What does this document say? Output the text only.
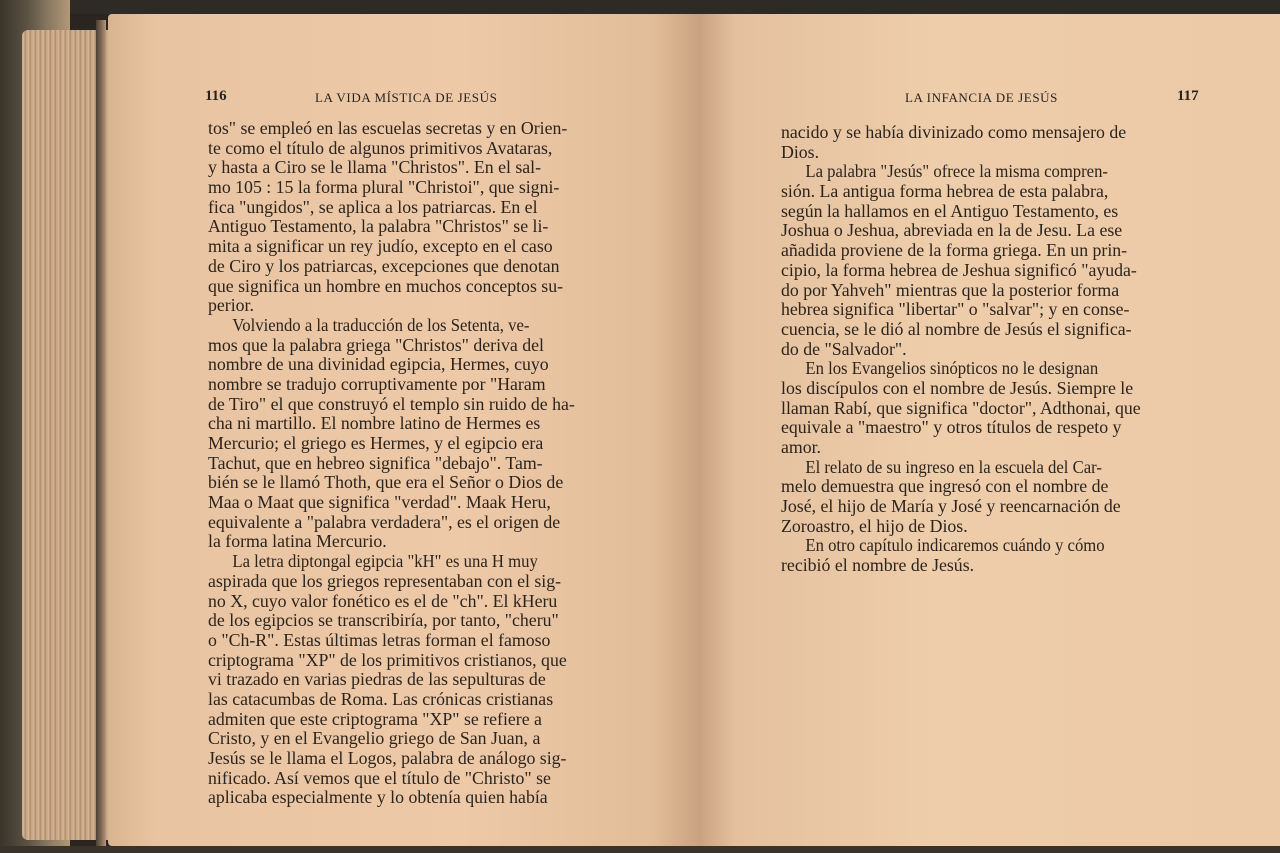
116	LA VIDA MÍSTICA DE JESÚS	LA INFANCIA DE JESÚS	117
tos" se empleó en las escuelas secretas y en Orien-
te como el título de algunos primitivos Avataras,
y hasta a Ciro se le llama "Christos". En el sal-
mo 105 : 15 la forma plural "Christoi", que signi-
fica "ungidos", se aplica a los patriarcas. En el
Antiguo Testamento, la palabra "Christos" se li-
mita a significar un rey judío, excepto en el caso
de Ciro y los patriarcas, excepciones que denotan
que significa un hombre en muchos conceptos su-
perior.
Volviendo a la traducción de los Setenta, ve-
mos que la palabra griega "Christos" deriva del
nombre de una divinidad egipcia, Hermes, cuyo
nombre se tradujo corruptivamente por "Haram
de Tiro" el que construyó el templo sin ruido de ha-
cha ni martillo. El nombre latino de Hermes es
Mercurio; el griego es Hermes, y el egipcio era
Tachut, que en hebreo significa "debajo". Tam-
bién se le llamó Thoth, que era el Señor o Dios de
Maa o Maat que significa "verdad". Maak Heru,
equivalente a "palabra verdadera", es el origen de
la forma latina Mercurio.
La letra diptongal egipcia "kH" es una H muy
aspirada que los griegos representaban con el sig-
no X, cuyo valor fonético es el de "ch". El kHeru
de los egipcios se transcribiría, por tanto, "cheru"
o "Ch-R". Estas últimas letras forman el famoso
criptograma "XP" de los primitivos cristianos, que
vi trazado en varias piedras de las sepulturas de
las catacumbas de Roma. Las crónicas cristianas
admiten que este criptograma "XP" se refiere a
Cristo, y en el Evangelio griego de San Juan, a
Jesús se le llama el Logos, palabra de análogo sig-
nificado. Así vemos que el título de "Christo" se
aplicaba especialmente y lo obtenía quien había
nacido y se había divinizado como mensajero de
Dios.
La palabra "Jesús" ofrece la misma compren-
sión. La antigua forma hebrea de esta palabra,
según la hallamos en el Antiguo Testamento, es
Joshua o Jeshua, abreviada en la de Jesu. La ese
añadida proviene de la forma griega. En un prin-
cipio, la forma hebrea de Jeshua significó "ayuda-
do por Yahveh" mientras que la posterior forma
hebrea significa "libertar" o "salvar"; y en conse-
cuencia, se le dió al nombre de Jesús el significa-
do de "Salvador".
En los Evangelios sinópticos no le designan
los discípulos con el nombre de Jesús. Siempre le
llaman Rabí, que significa "doctor", Adthonai, que
equivale a "maestro" y otros títulos de respeto y
amor.
El relato de su ingreso en la escuela del Car-
melo demuestra que ingresó con el nombre de
José, el hijo de María y José y reencarnación de
Zoroastro, el hijo de Dios.
En otro capítulo indicaremos cuándo y cómo
recibió el nombre de Jesús.
